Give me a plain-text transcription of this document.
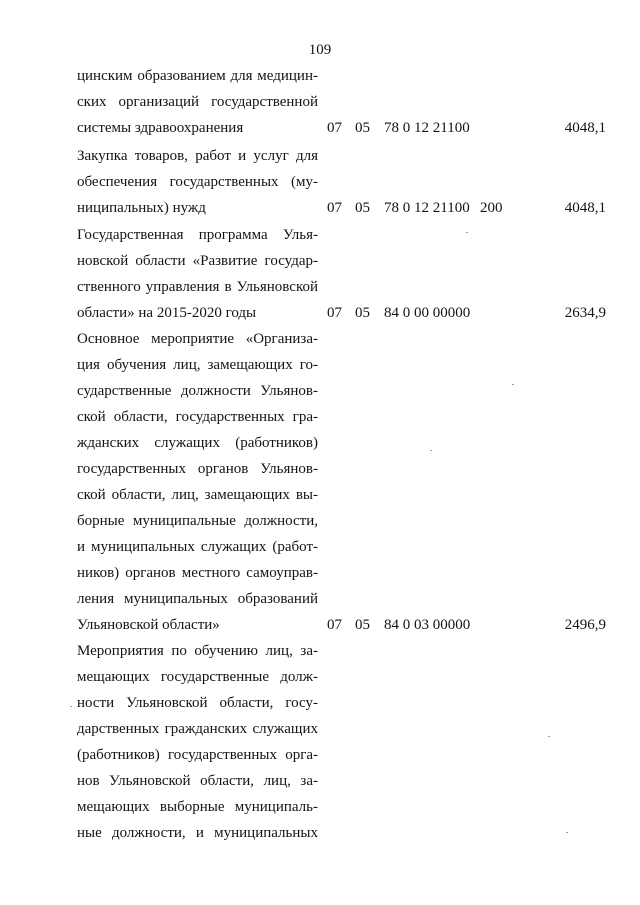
109
цинским образованием для медицин-
ских организаций государственной
системы здравоохранения	07 05 78 0 12 21100	4048,1
Закупка товаров, работ и услуг для
обеспечения государственных (му-
ниципальных) нужд	07 05 78 0 12 21100 200	4048,1
Государственная программа Улья-
новской области «Развитие государ-
ственного управления в Ульяновской
области» на 2015-2020 годы	07 05 84 0 00 00000	2634,9
Основное мероприятие «Организа-
ция обучения лиц, замещающих го-
сударственные должности Ульянов-
ской области, государственных гра-
жданских служащих (работников)
государственных органов Ульянов-
ской области, лиц, замещающих вы-
борные муниципальные должности,
и муниципальных служащих (работ-
ников) органов местного самоуправ-
ления муниципальных образований
Ульяновской области»	07 05 84 0 03 00000	2496,9
Мероприятия по обучению лиц, за-
мещающих государственные долж-
ности Ульяновской области, госу-
дарственных гражданских служащих
(работников) государственных орга-
нов Ульяновской области, лиц, за-
мещающих выборные муниципаль-
ные должности, и муниципальных
